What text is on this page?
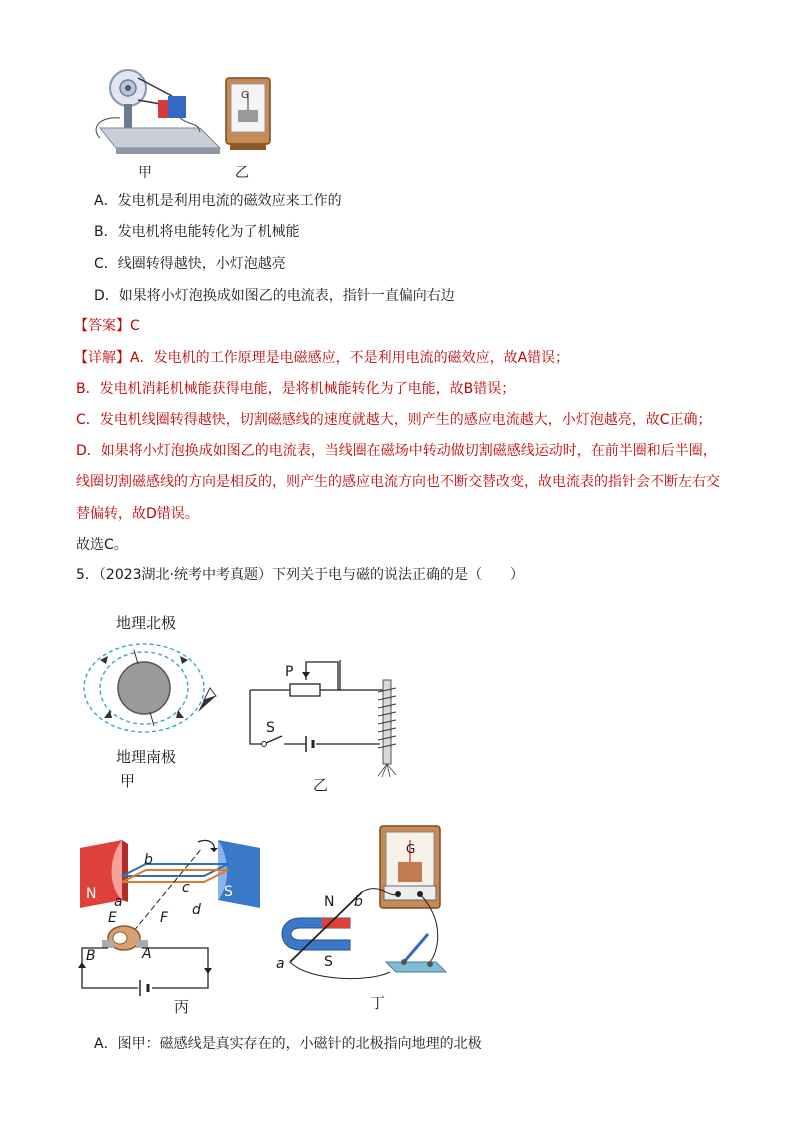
G
甲	乙
A．发电机是利用电流的磁效应来工作的
B．发电机将电能转化为了机械能
C．线圈转得越快，小灯泡越亮
D．如果将小灯泡换成如图乙的电流表，指针一直偏向右边
【答案】C
【详解】A．发电机的工作原理是电磁感应，不是利用电流的磁效应，故A错误；
B．发电机消耗机械能获得电能，是将机械能转化为了电能，故B错误；
C．发电机线圈转得越快，切割磁感线的速度就越大，则产生的感应电流越大，小灯泡越亮，故C正确；
D．如果将小灯泡换成如图乙的电流表，当线圈在磁场中转动做切割磁感线运动时，在前半圈和后半圈，
线圈切割磁感线的方向是相反的，则产生的感应电流方向也不断交替改变，故电流表的指针会不断左右交
替偏转，故D错误。
故选C。
5．（2023湖北·统考中考真题）下列关于电与磁的说法正确的是（　　）
地理北极
地理南极
甲
P
S
乙
N	S
a
b
c
d
E	F
B	A
丙
G
N b
S
a
丁
A．图甲：磁感线是真实存在的，小磁针的北极指向地理的北极
